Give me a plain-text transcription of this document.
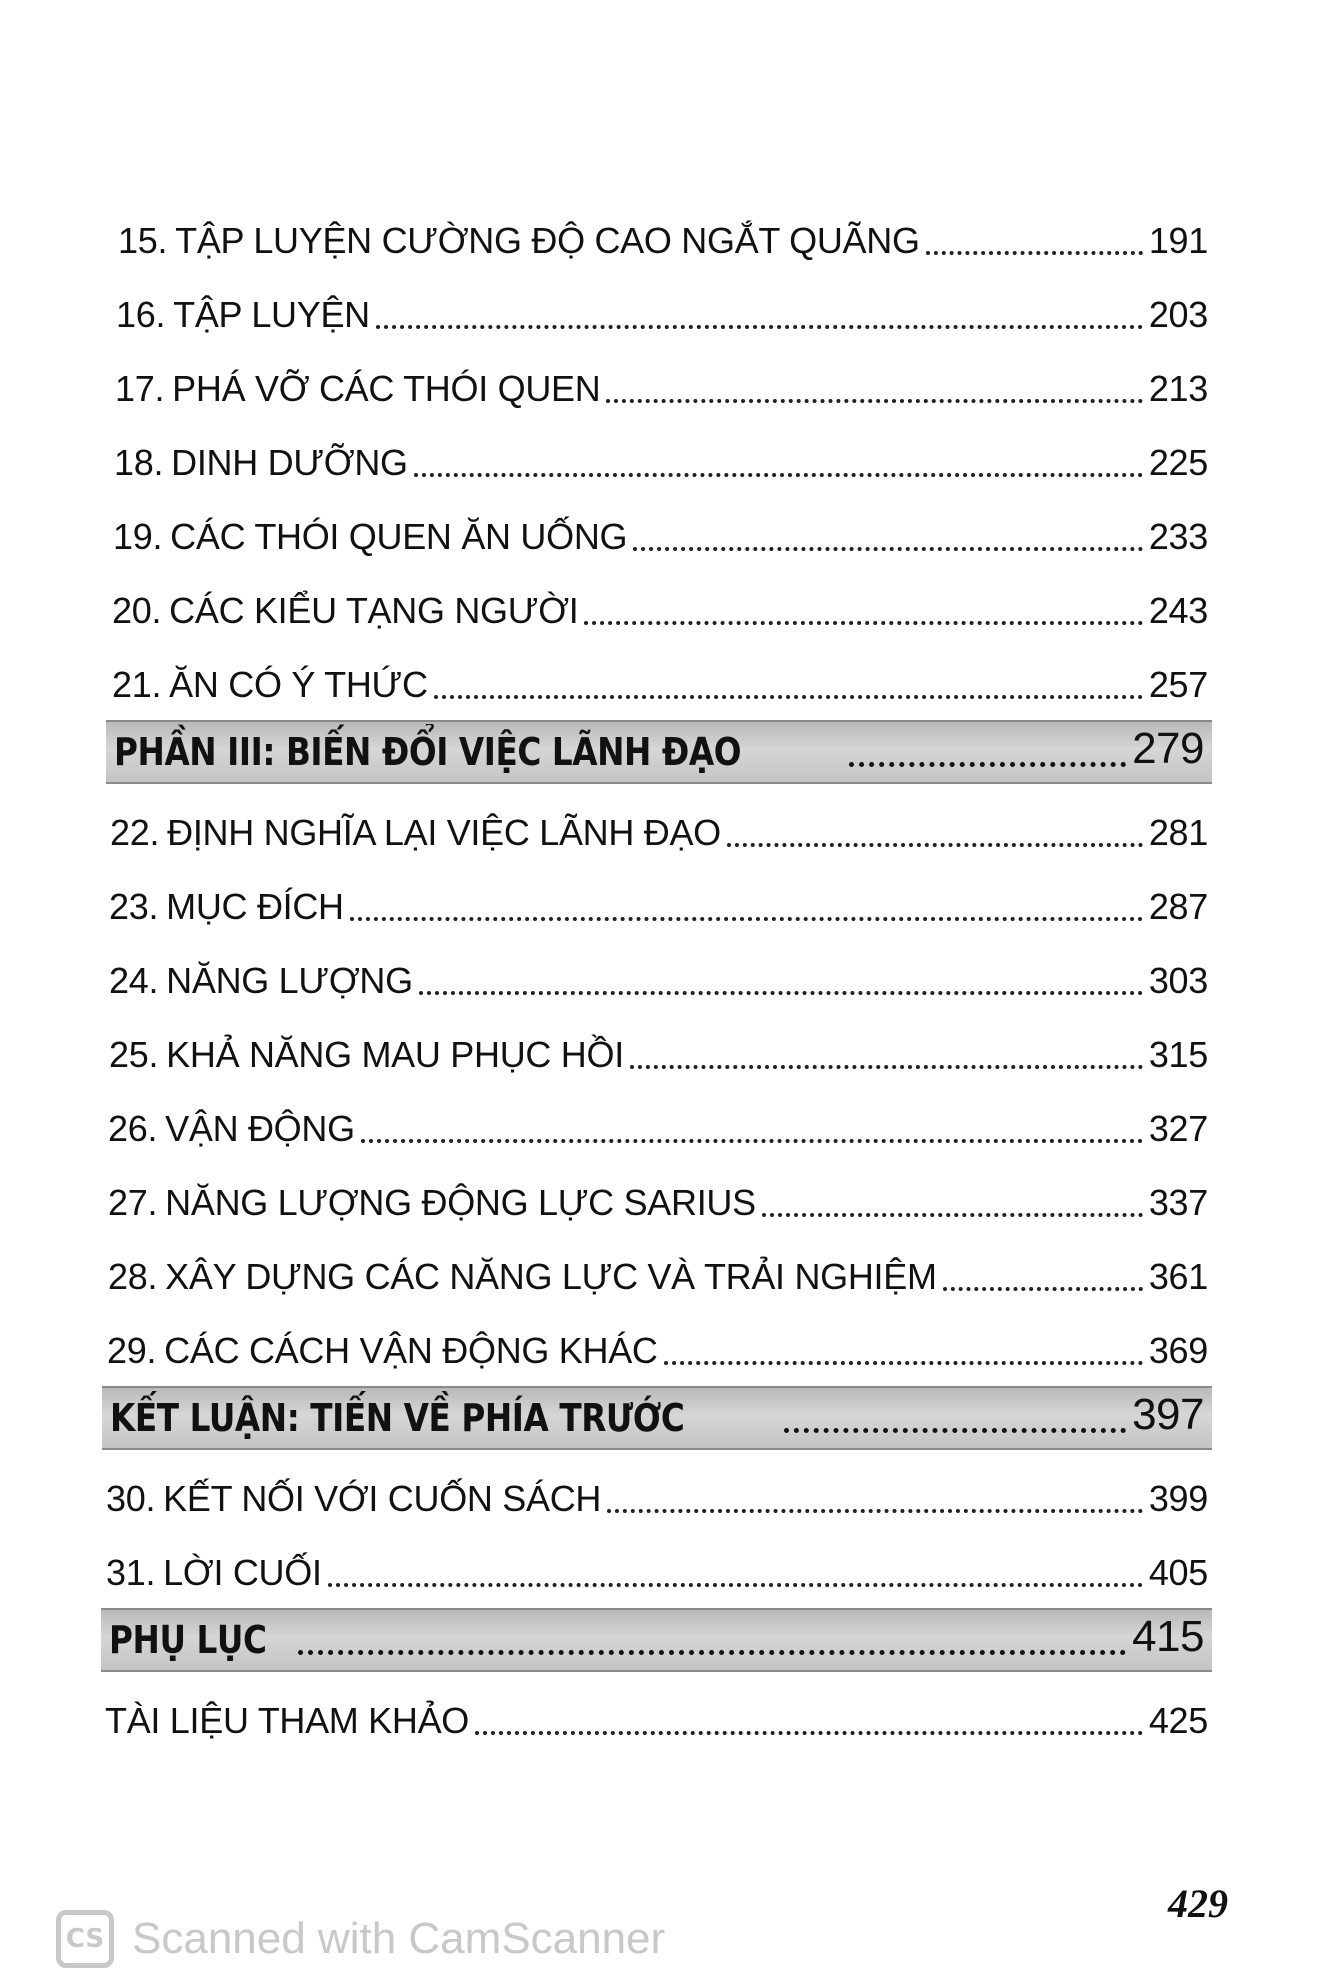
15. TẬP LUYỆN CƯỜNG ĐỘ CAO NGẮT QUÃNG	191
16. TẬP LUYỆN	203
17. PHÁ VỠ CÁC THÓI QUEN	213
18. DINH DƯỠNG	225
19. CÁC THÓI QUEN ĂN UỐNG	233
20. CÁC KIỂU TẠNG NGƯỜI	243
21. ĂN CÓ Ý THỨC	257
PHẦN III: BIẾN ĐỔI VIỆC LÃNH ĐẠO	279
22. ĐỊNH NGHĨA LẠI VIỆC LÃNH ĐẠO	281
23. MỤC ĐÍCH	287
24. NĂNG LƯỢNG	303
25. KHẢ NĂNG MAU PHỤC HỒI	315
26. VẬN ĐỘNG	327
27. NĂNG LƯỢNG ĐỘNG LỰC SARIUS	337
28. XÂY DỰNG CÁC NĂNG LỰC VÀ TRẢI NGHIỆM	361
29. CÁC CÁCH VẬN ĐỘNG KHÁC	369
KẾT LUẬN: TIẾN VỀ PHÍA TRƯỚC	397
30. KẾT NỐI VỚI CUỐN SÁCH	399
31. LỜI CUỐI	405
PHỤ LỤC	415
TÀI LIỆU THAM KHẢO	425
429
CS Scanned with CamScanner
